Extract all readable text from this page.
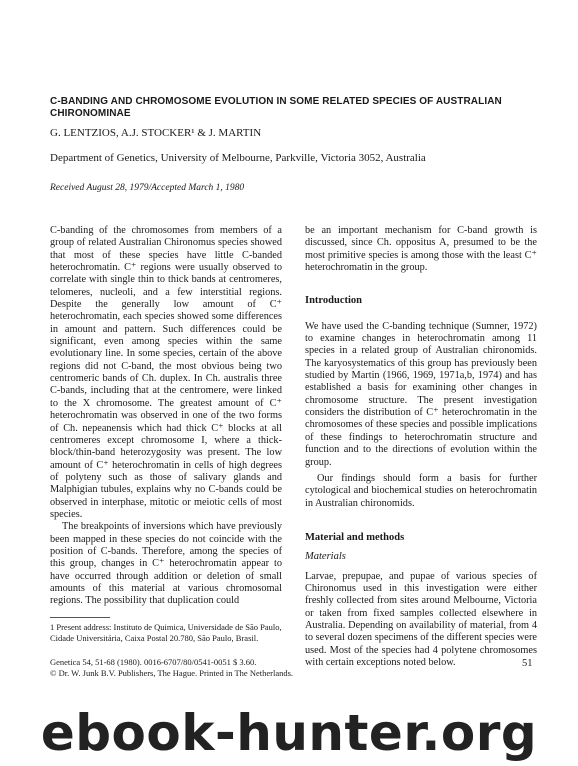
C-BANDING AND CHROMOSOME EVOLUTION IN SOME RELATED SPECIES OF AUSTRALIAN CHIRONOMINAE
G. LENTZIOS, A.J. STOCKER¹ & J. MARTIN
Department of Genetics, University of Melbourne, Parkville, Victoria 3052, Australia
Received August 28, 1979/Accepted March 1, 1980

C-banding of the chromosomes from members of a group of related Australian Chironomus species showed that most of these species have little C-banded heterochromatin. C⁺ regions were usually observed to correlate with single thin to thick bands at centromeres, telomeres, nucleoli, and a few interstitial regions. Despite the generally low amount of C⁺ heterochromatin, each species showed some differences in amount and pattern. Such differences could be significant, even among species within the same evolutionary line. In some species, certain of the above regions did not C-band, the most obvious being two centromeric bands of Ch. duplex. In Ch. australis three C-bands, including that at the centromere, were linked to the X chromosome. The greatest amount of C⁺ heterochromatin was observed in one of the two forms of Ch. nepeanensis which had thick C⁺ blocks at all centromeres except chromosome I, where a thick-block/thin-band heterozygosity was present. The low amount of C⁺ heterochromatin in cells of high degrees of polyteny such as those of salivary glands and Malphigian tubules, explains why no C-bands could be observed in interphase, mitotic or meiotic cells of most species.

The breakpoints of inversions which have previously been mapped in these species do not coincide with the position of C-bands. Therefore, among the species of this group, changes in C⁺ heterochromatin appear to have occurred through addition or deletion of small amounts of this material at various chromosomal regions. The possibility that duplication could

be an important mechanism for C-band growth is discussed, since Ch. oppositus A, presumed to be the most primitive species is among those with the least C⁺ heterochromatin in the group.

Introduction

We have used the C-banding technique (Sumner, 1972) to examine changes in heterochromatin among 11 species in a related group of Australian chironomids. The karyosystematics of this group has previously been studied by Martin (1966, 1969, 1971a,b, 1974) and has established a basis for examining other changes in chromosome structure. The present investigation considers the distribution of C⁺ heterochromatin in the chromosomes of these species and possible implications of these findings to heterochromatin structure and function and to the directions of evolution within the group.

Our findings should form a basis for further cytological and biochemical studies on heterochromatin in Australian chironomids.

Material and methods

Materials

Larvae, prepupae, and pupae of various species of Chironomus used in this investigation were either freshly collected from sites around Melbourne, Victoria or taken from fixed samples collected elsewhere in Australia. Depending on availability of material, from 4 to several dozen specimens of the different species were used. Most of the species had 4 polytene chromosomes with certain exceptions noted below.

1 Present address: Instituto de Quimica, Universidade de São Paulo, Cidade Universitária, Caixa Postal 20.780, São Paulo, Brasil.
Genetica 54, 51-68 (1980). 0016-6707/80/0541-0051 $ 3.60.
© Dr. W. Junk B.V. Publishers, The Hague. Printed in The Netherlands.
51
ebook-hunter.org
